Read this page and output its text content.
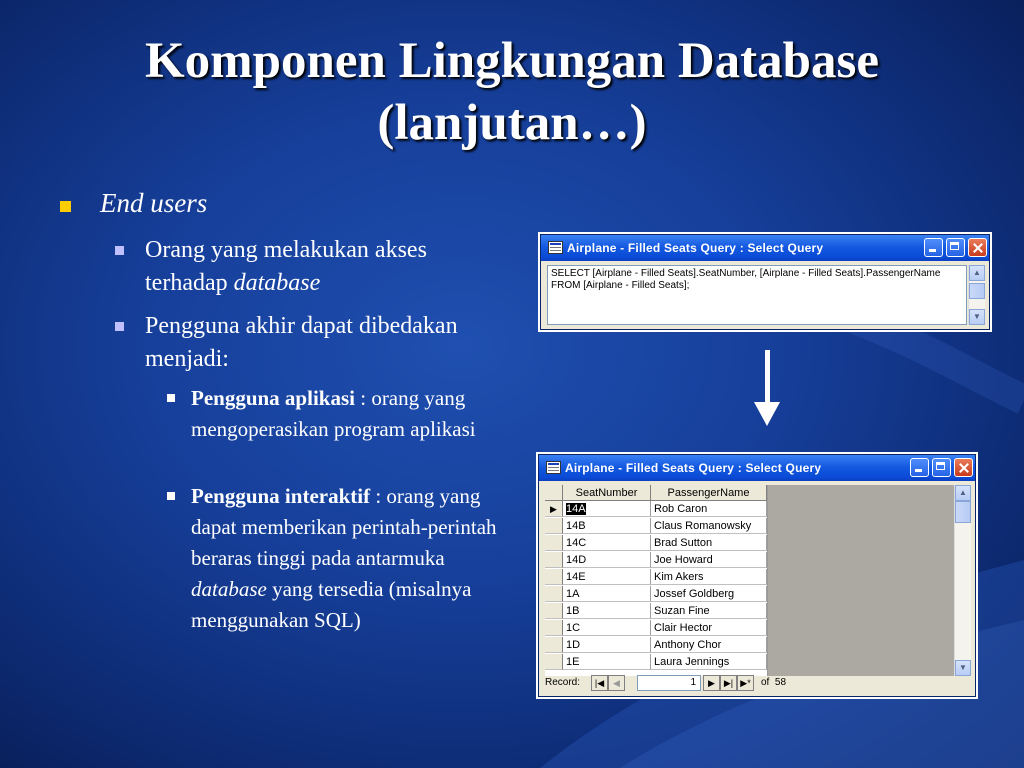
Komponen Lingkungan Database
(lanjutan…)
End users
Orang yang melakukan akses terhadap database
Pengguna akhir dapat dibedakan menjadi:
Pengguna aplikasi : orang yang mengoperasikan program aplikasi
Pengguna interaktif : orang yang dapat memberikan perintah-perintah beraras tinggi pada antarmuka database yang tersedia (misalnya menggunakan SQL)
Airplane - Filled Seats Query : Select Query
SELECT [Airplane - Filled Seats].SeatNumber, [Airplane - Filled Seats].PassengerName
FROM [Airplane - Filled Seats];
▲
▼
Airplane - Filled Seats Query : Select Query
SeatNumber	PassengerName
▶ 14A	Rob Caron
14B	Claus Romanowsky
14C	Brad Sutton
14D	Joe Howard
14E	Kim Akers
1A	Jossef Goldberg
1B	Suzan Fine
1C	Clair Hector
1D	Anthony Chor
1E	Laura Jennings
▲
▼
Record:	|◀ ◀	1	▶ ▶| ▶*	of  58
